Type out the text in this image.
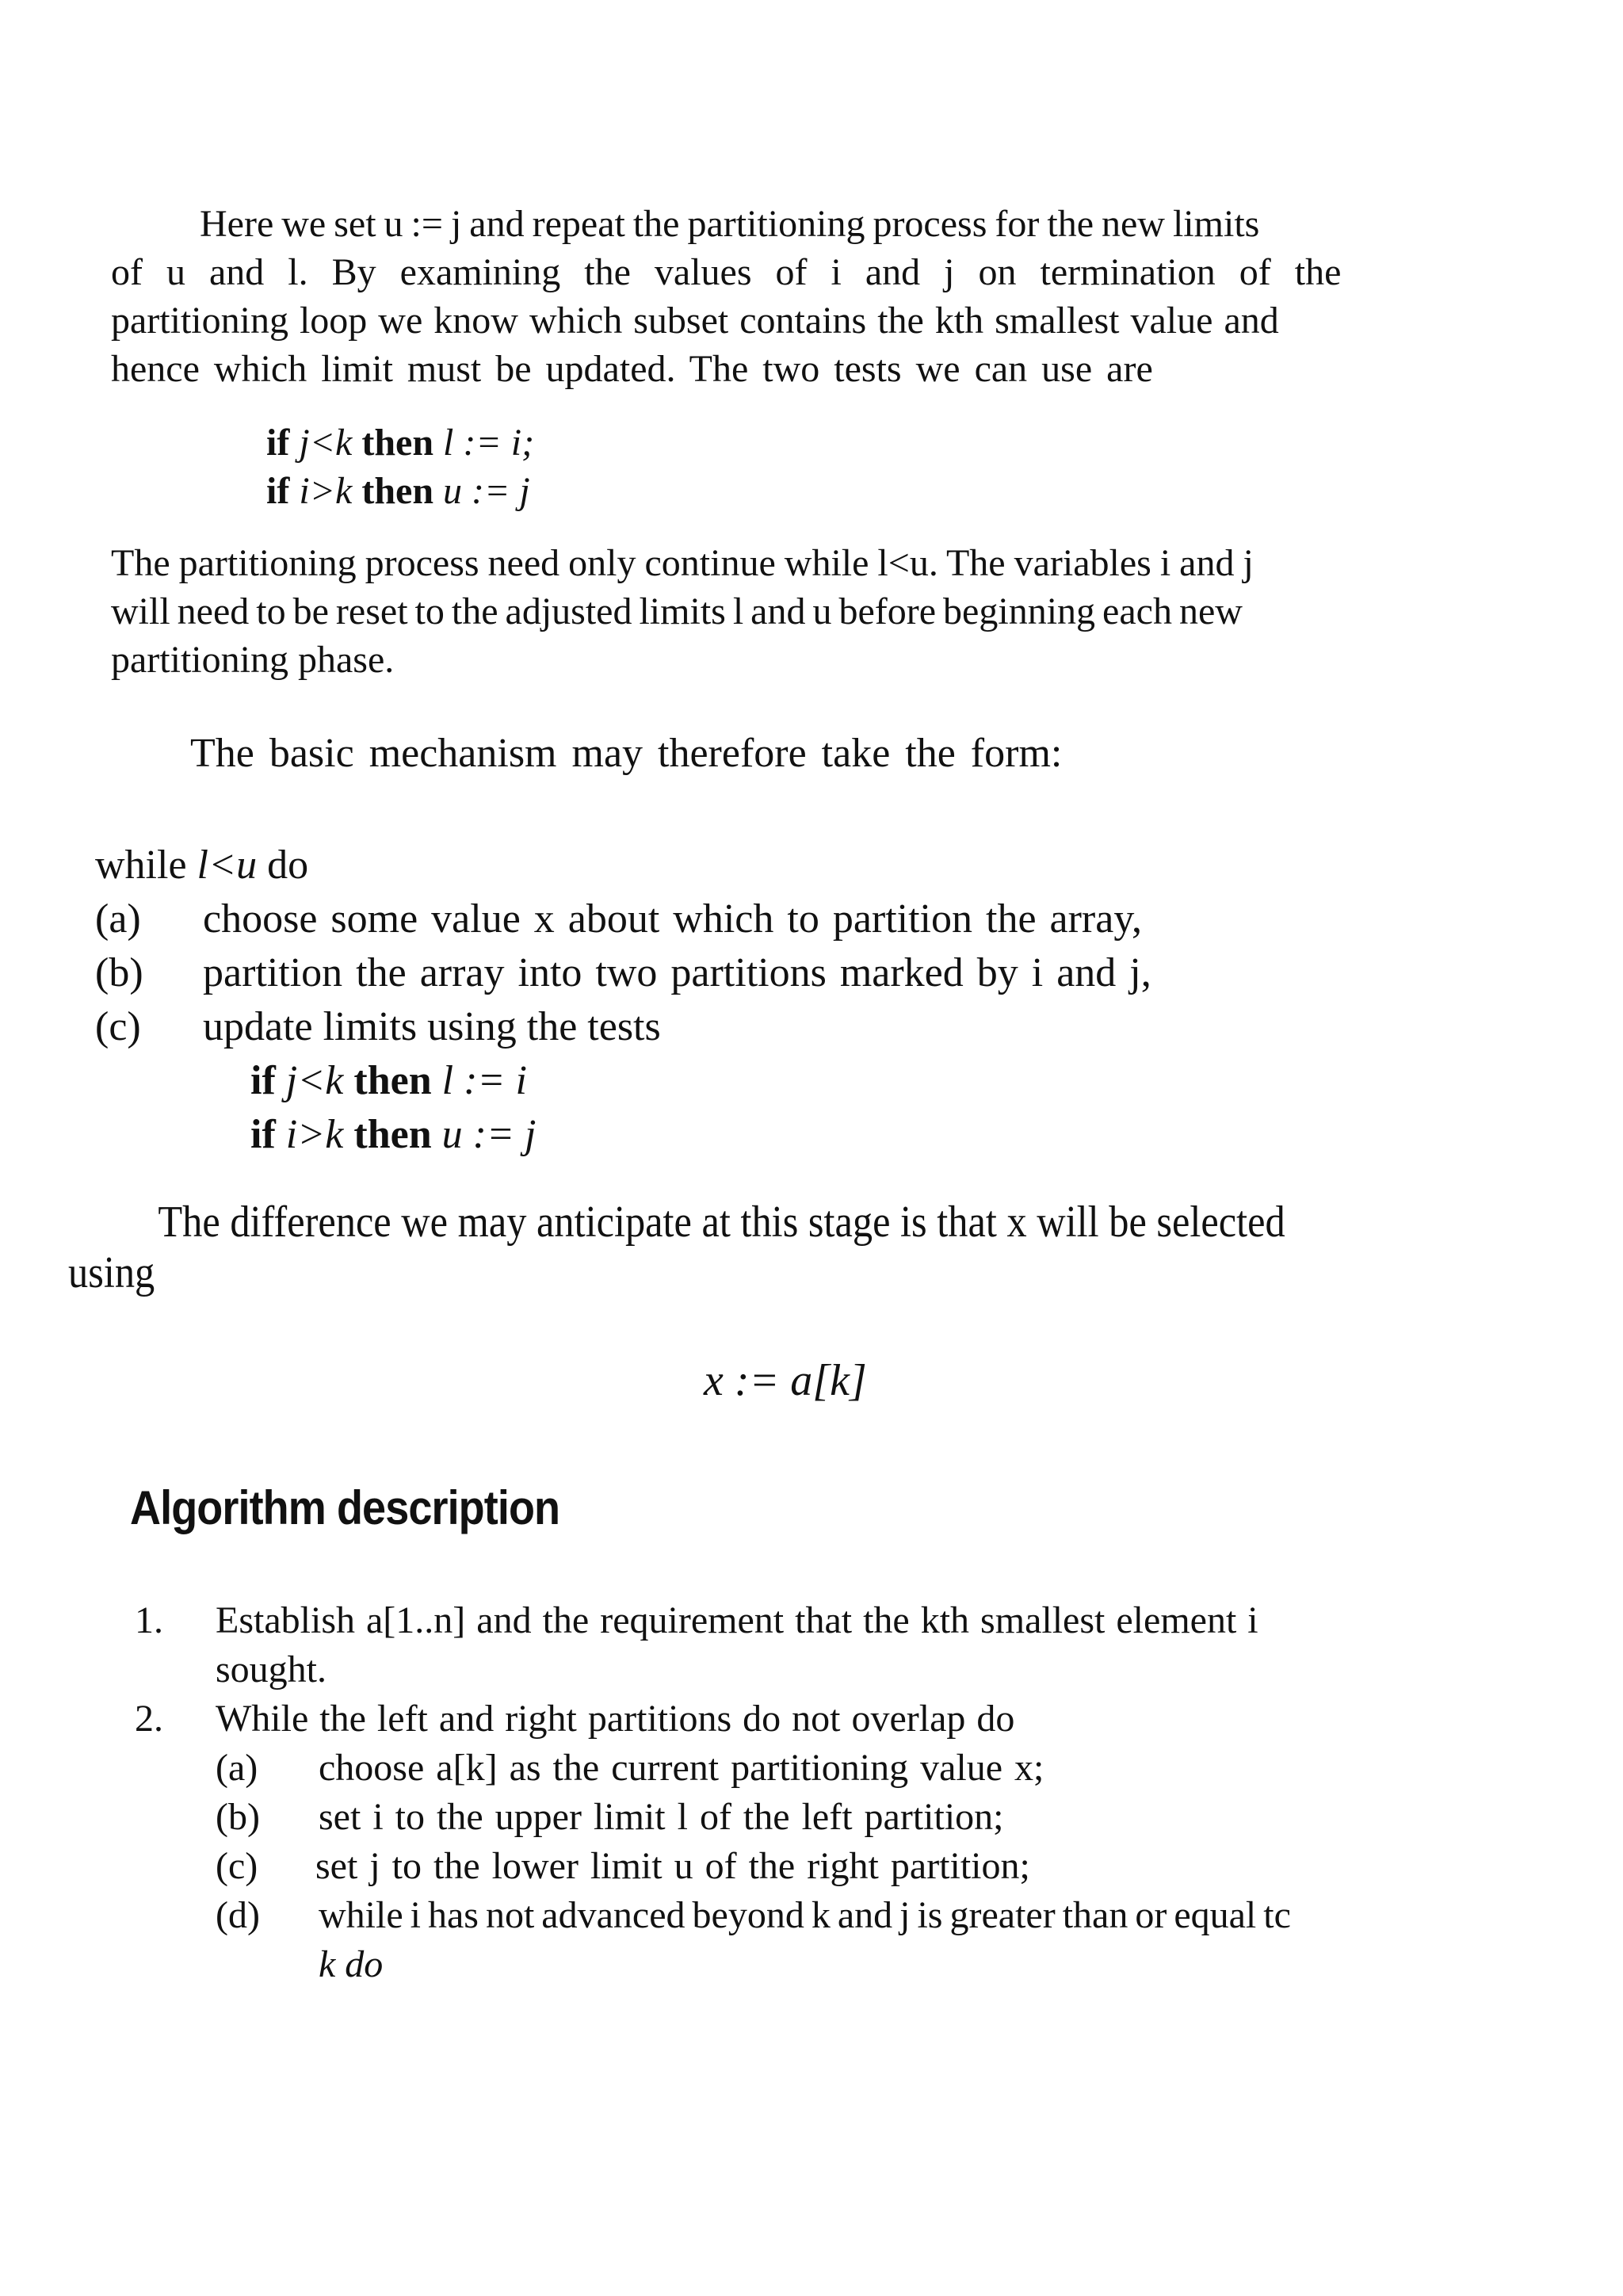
Here we set u := j and repeat the partitioning process for the new limits
of u and l. By examining the values of i and j on termination of the
partitioning loop we know which subset contains the kth smallest value and
hence which limit must be updated. The two tests we can use are
if j<k then l := i;
if i>k then u := j
The partitioning process need only continue while l<u. The variables i and j
will need to be reset to the adjusted limits l and u before beginning each new
partitioning phase.

The basic mechanism may therefore take the form:

while l<u do
(a) choose some value x about which to partition the array,
(b) partition the array into two partitions marked by i and j,
(c) update limits using the tests
if j<k then l := i
if i>k then u := j
The difference we may anticipate at this stage is that x will be selected
using

x := a[k]

Algorithm description
1. Establish a[1..n] and the requirement that the kth smallest element i
sought.
2. While the left and right partitions do not overlap do
(a) choose a[k] as the current partitioning value x;
(b) set i to the upper limit l of the left partition;
(c) set j to the lower limit u of the right partition;
(d) while i has not advanced beyond k and j is greater than or equal tc
k do
